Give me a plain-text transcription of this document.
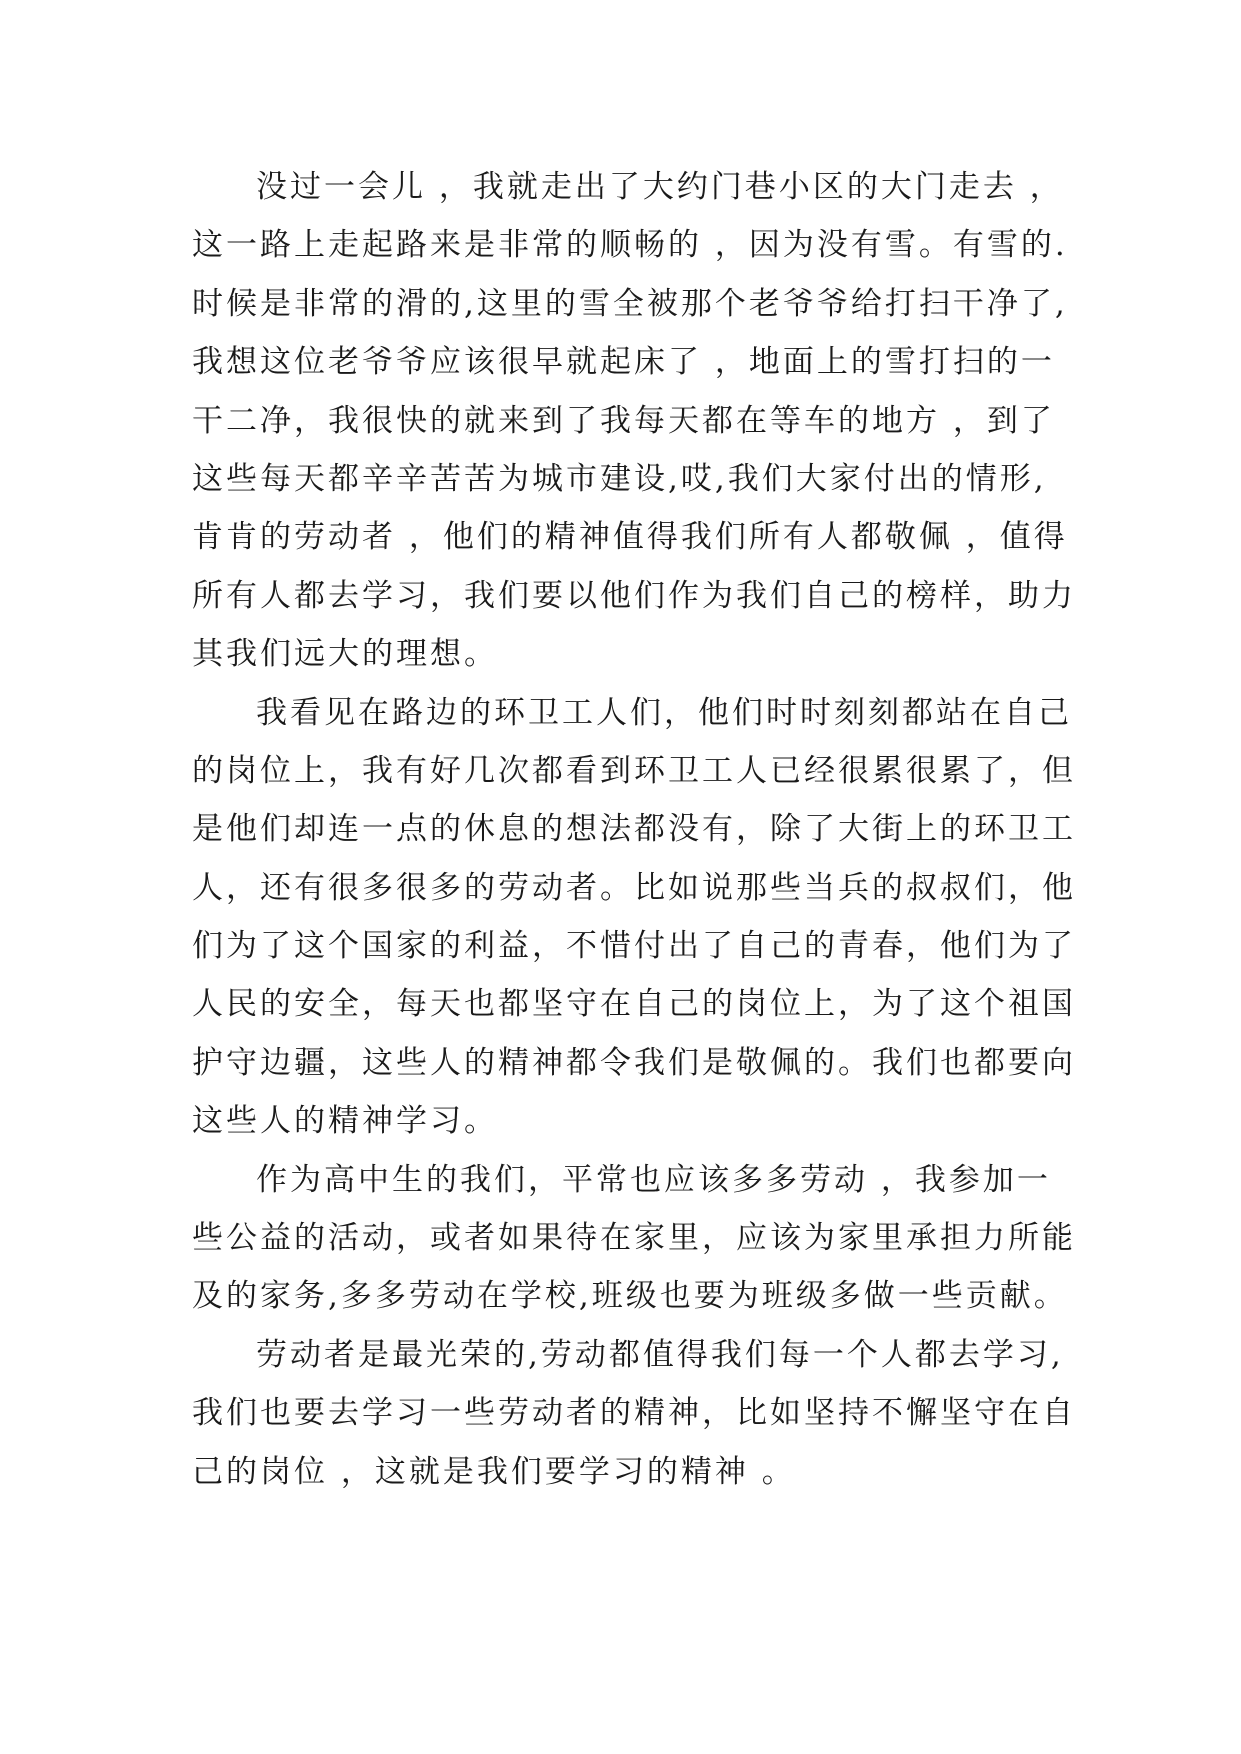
没过一会儿 ，我就走出了大约门巷小区的大门走去 ，
这一路上走起路来是非常的顺畅的 ，因为没有雪。有雪的.
时候是非常的滑的,这里的雪全被那个老爷爷给打扫干净了,
我想这位老爷爷应该很早就起床了 ，地面上的雪打扫的一
干二净，我很快的就来到了我每天都在等车的地方 ，到了
这些每天都辛辛苦苦为城市建设,哎,我们大家付出的情形,
肯肯的劳动者 ，他们的精神值得我们所有人都敬佩 ，值得
所有人都去学习，我们要以他们作为我们自己的榜样，助力
其我们远大的理想。
我看见在路边的环卫工人们，他们时时刻刻都站在自己
的岗位上，我有好几次都看到环卫工人已经很累很累了，但
是他们却连一点的休息的想法都没有，除了大街上的环卫工
人，还有很多很多的劳动者。比如说那些当兵的叔叔们，他
们为了这个国家的利益，不惜付出了自己的青春，他们为了
人民的安全，每天也都坚守在自己的岗位上，为了这个祖国
护守边疆，这些人的精神都令我们是敬佩的。我们也都要向
这些人的精神学习。
作为高中生的我们，平常也应该多多劳动 ，我参加一
些公益的活动，或者如果待在家里，应该为家里承担力所能
及的家务,多多劳动在学校,班级也要为班级多做一些贡献。
劳动者是最光荣的,劳动都值得我们每一个人都去学习,
我们也要去学习一些劳动者的精神，比如坚持不懈坚守在自
己的岗位 ，这就是我们要学习的精神 。
